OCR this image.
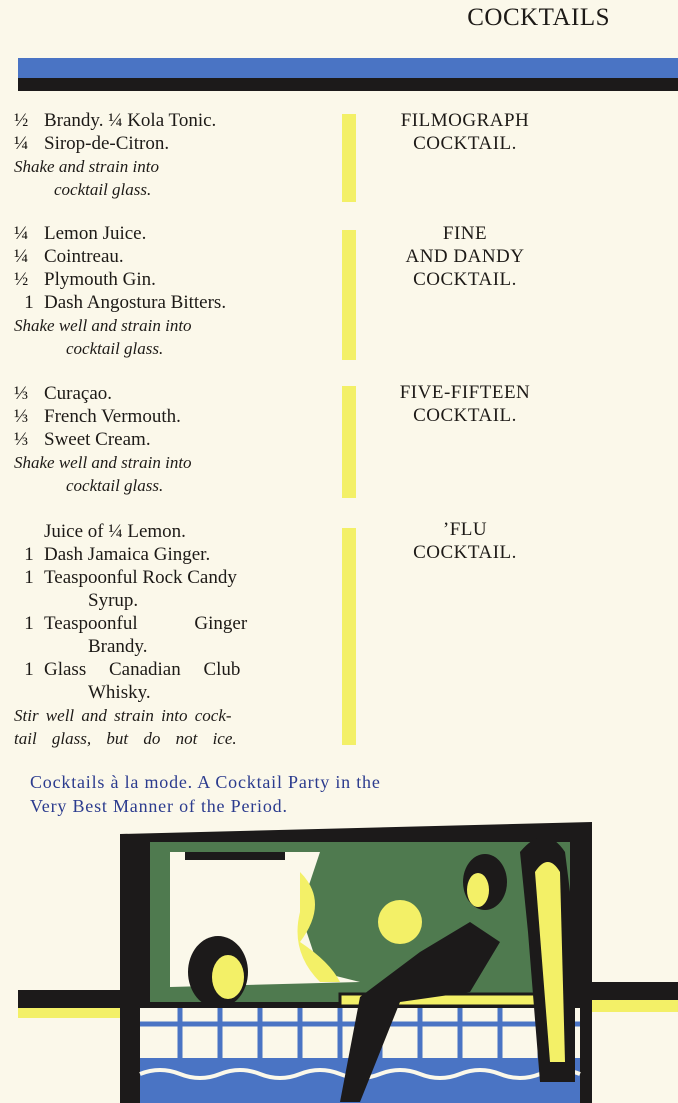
COCKTAILS
½ Brandy. ¼ Kola Tonic.
¼ Sirop-de-Citron.
Shake and strain into
cocktail glass.
FILMOGRAPH
COCKTAIL.
¼ Lemon Juice.
¼ Cointreau.
½ Plymouth Gin.
1 Dash Angostura Bitters.
Shake well and strain into
cocktail glass.
FINE
AND DANDY
COCKTAIL.
⅓ Curaçao.
⅓ French Vermouth.
⅓ Sweet Cream.
Shake well and strain into
cocktail glass.
FIVE-FIFTEEN
COCKTAIL.
Juice of ¼ Lemon.
1 Dash Jamaica Ginger.
1 Teaspoonful Rock Candy
Syrup.
1 Teaspoonful Ginger
Brandy.
1 Glass Canadian Club
Whisky.
Stir well and strain into cock-
tail glass, but do not ice.
’FLU
COCKTAIL.
Cocktails à la mode. A Cocktail Party in the
Very Best Manner of the Period.
